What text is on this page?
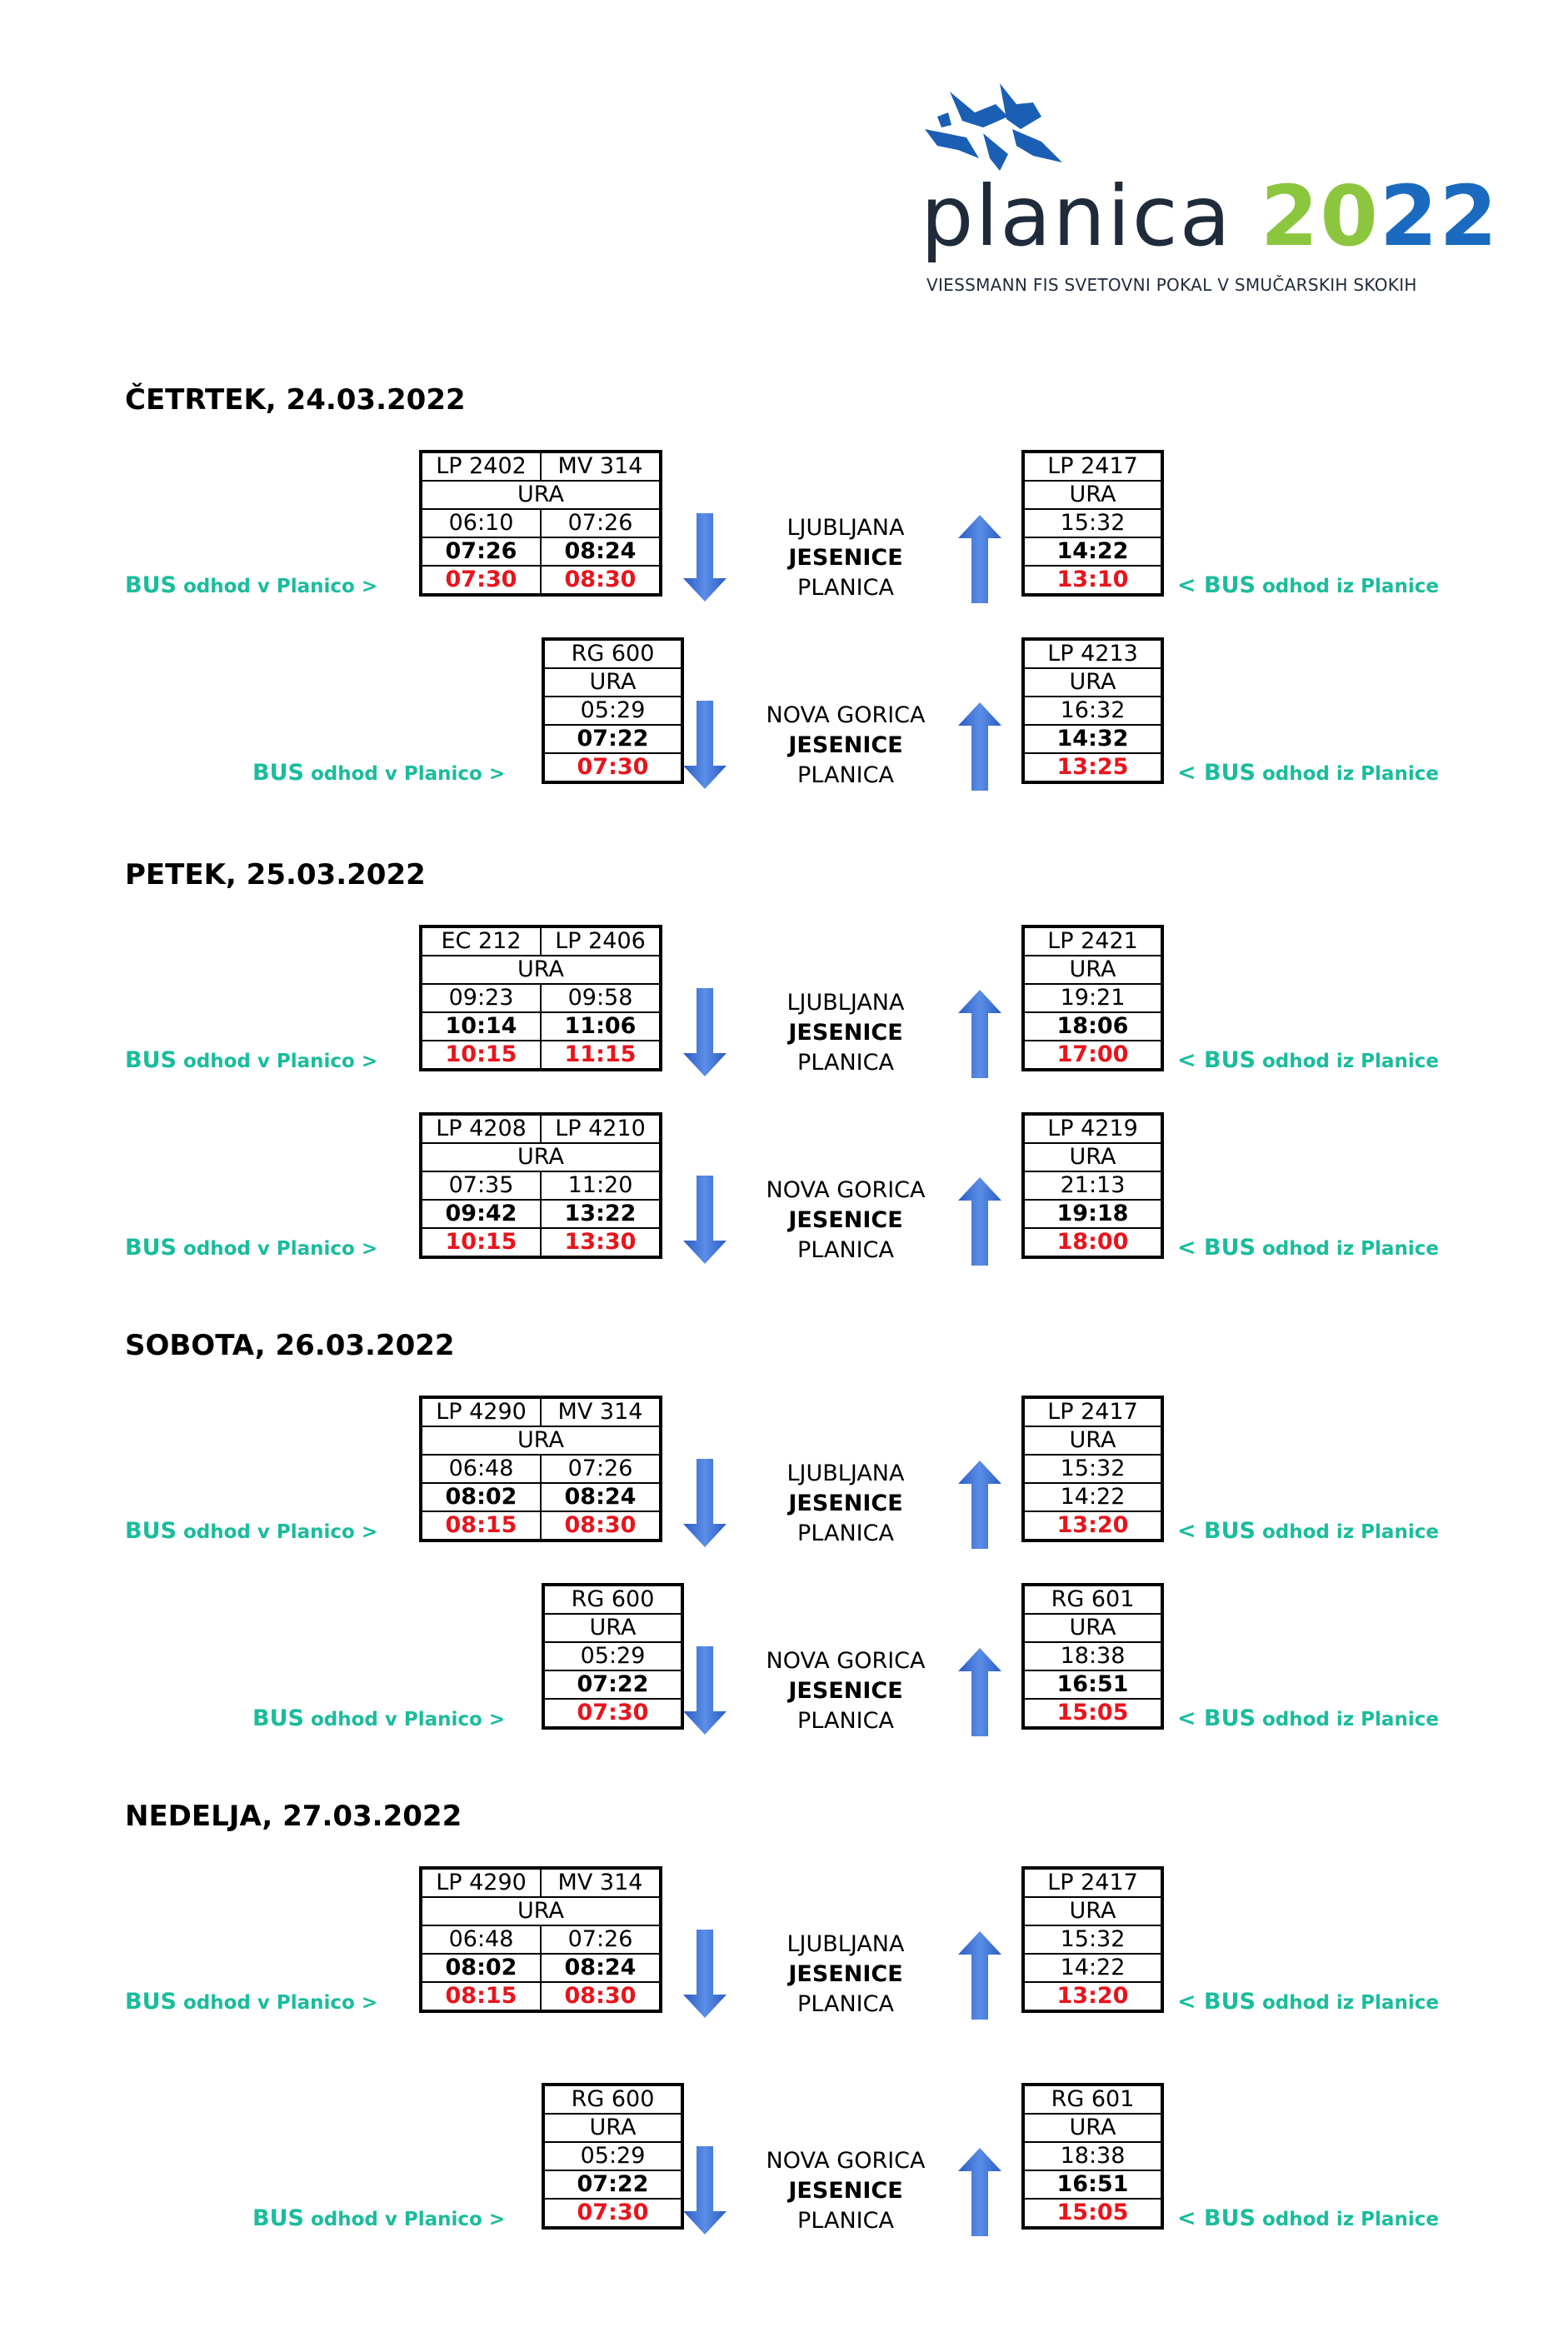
planica 2022
VIESSMANN FIS SVETOVNI POKAL V SMUČARSKIH SKOKIH
ČETRTEK, 24.03.2022
LP 2402	MV 314
URA	
06:10	07:26
07:26	08:24
07:30	08:30
BUS odhod v Planico >
LJUBLJANA
JESENICE
PLANICA
LP 2417
URA
15:32
14:22
13:10 < BUS odhod iz Planice
RG 600
URA
05:29
07:22
07:30
BUS odhod v Planico >
NOVA GORICA
JESENICE
PLANICA
LP 4213
URA
16:32
14:32
13:25 < BUS odhod iz Planice
PETEK, 25.03.2022
EC 212	LP 2406
URA	
09:23	09:58
10:14	11:06
10:15	11:15
BUS odhod v Planico >
LJUBLJANA
JESENICE
PLANICA
LP 2421
URA
19:21
18:06
17:00 < BUS odhod iz Planice
LP 4208	LP 4210
URA	
07:35	11:20
09:42	13:22
10:15	13:30
BUS odhod v Planico >
NOVA GORICA
JESENICE
PLANICA
LP 4219
URA
21:13
19:18
18:00 < BUS odhod iz Planice
SOBOTA, 26.03.2022
LP 4290	MV 314
URA	
06:48	07:26
08:02	08:24
08:15	08:30
BUS odhod v Planico >
LJUBLJANA
JESENICE
PLANICA
LP 2417
URA
15:32
14:22
13:20 < BUS odhod iz Planice
RG 600
URA
05:29
07:22
07:30
BUS odhod v Planico >
NOVA GORICA
JESENICE
PLANICA
RG 601
URA
18:38
16:51
15:05 < BUS odhod iz Planice
NEDELJA, 27.03.2022
LP 4290	MV 314
URA	
06:48	07:26
08:02	08:24
08:15	08:30
BUS odhod v Planico >
LJUBLJANA
JESENICE
PLANICA
LP 2417
URA
15:32
14:22
13:20 < BUS odhod iz Planice
RG 600
URA
05:29
07:22
07:30
BUS odhod v Planico >
NOVA GORICA
JESENICE
PLANICA
RG 601
URA
18:38
16:51
15:05 < BUS odhod iz Planice
